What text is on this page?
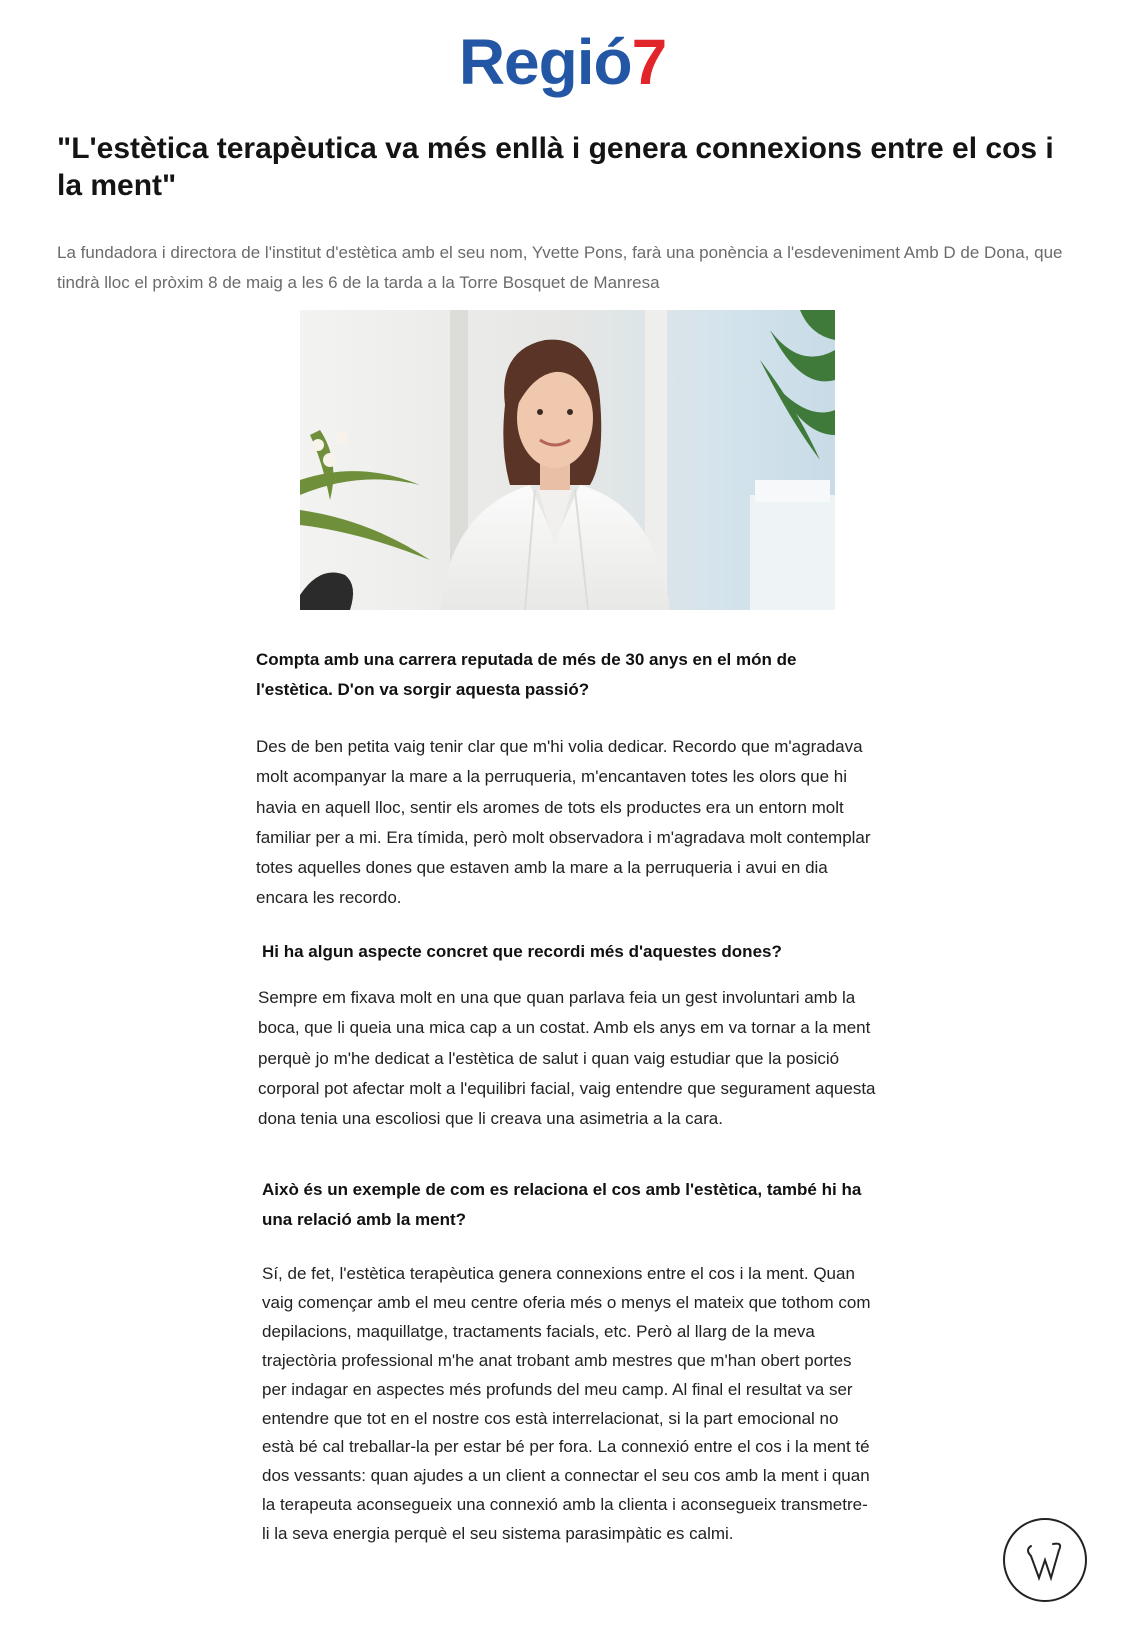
Regió7
"L'estètica terapèutica va més enllà i genera connexions entre el cos i la ment"

La fundadora i directora de l'institut d'estètica amb el seu nom, Yvette Pons, farà una ponència a l'esdeveniment Amb D de Dona, que tindrà lloc el pròxim 8 de maig a les 6 de la tarda a la Torre Bosquet de Manresa

Compta amb una carrera reputada de més de 30 anys en el món de l'estètica. D'on va sorgir aquesta passió?

Des de ben petita vaig tenir clar que m'hi volia dedicar. Recordo que m'agradava molt acompanyar la mare a la perruqueria, m'encantaven totes les olors que hi havia en aquell lloc, sentir els aromes de tots els productes era un entorn molt familiar per a mi. Era tímida, però molt observadora i m'agradava molt contemplar totes aquelles dones que estaven amb la mare a la perruqueria i avui en dia encara les recordo.

Hi ha algun aspecte concret que recordi més d'aquestes dones?

Sempre em fixava molt en una que quan parlava feia un gest involuntari amb la boca, que li queia una mica cap a un costat. Amb els anys em va tornar a la ment perquè jo m'he dedicat a l'estètica de salut i quan vaig estudiar que la posició corporal pot afectar molt a l'equilibri facial, vaig entendre que segurament aquesta dona tenia una escoliosi que li creava una asimetria a la cara.

Això és un exemple de com es relaciona el cos amb l'estètica, també hi ha una relació amb la ment?

Sí, de fet, l'estètica terapèutica genera connexions entre el cos i la ment. Quan vaig començar amb el meu centre oferia més o menys el mateix que tothom com depilacions, maquillatge, tractaments facials, etc. Però al llarg de la meva trajectòria professional m'he anat trobant amb mestres que m'han obert portes per indagar en aspectes més profunds del meu camp. Al final el resultat va ser entendre que tot en el nostre cos està interrelacionat, si la part emocional no està bé cal treballar-la per estar bé per fora. La connexió entre el cos i la ment té dos vessants: quan ajudes a un client a connectar el seu cos amb la ment i quan la terapeuta aconsegueix una connexió amb la clienta i aconsegueix transmetre-li la seva energia perquè el seu sistema parasimpàtic es calmi.
